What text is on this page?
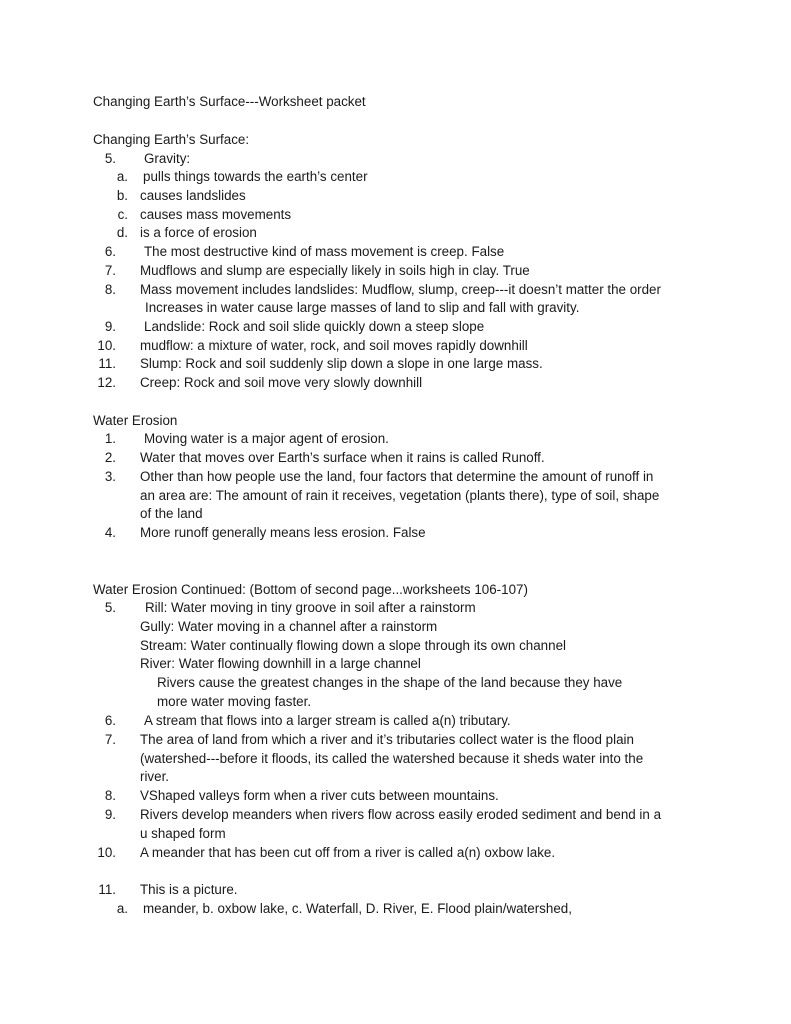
Changing Earth’s Surface---Worksheet packet
Changing Earth’s Surface:
5. Gravity:
a. pulls things towards the earth’s center
b. causes landslides
c. causes mass movements
d. is a force of erosion
6. The most destructive kind of mass movement is creep. False
7. Mudflows and slump are especially likely in soils high in clay. True
8. Mass movement includes landslides: Mudflow, slump, creep---it doesn’t matter the order
Increases in water cause large masses of land to slip and fall with gravity.
9. Landslide: Rock and soil slide quickly down a steep slope
10. mudflow: a mixture of water, rock, and soil moves rapidly downhill
11. Slump: Rock and soil suddenly slip down a slope in one large mass.
12. Creep: Rock and soil move very slowly downhill
Water Erosion
1. Moving water is a major agent of erosion.
2. Water that moves over Earth’s surface when it rains is called Runoff.
3. Other than how people use the land, four factors that determine the amount of runoff in
an area are: The amount of rain it receives, vegetation (plants there), type of soil, shape
of the land
4. More runoff generally means less erosion. False
Water Erosion Continued: (Bottom of second page...worksheets 106-107)
5. Rill: Water moving in tiny groove in soil after a rainstorm
Gully: Water moving in a channel after a rainstorm
Stream: Water continually flowing down a slope through its own channel
River: Water flowing downhill in a large channel
Rivers cause the greatest changes in the shape of the land because they have
more water moving faster.
6. A stream that flows into a larger stream is called a(n) tributary.
7. The area of land from which a river and it’s tributaries collect water is the flood plain
(watershed---before it floods, its called the watershed because it sheds water into the
river.
8. VShaped valleys form when a river cuts between mountains.
9. Rivers develop meanders when rivers flow across easily eroded sediment and bend in a
u shaped form
10. A meander that has been cut off from a river is called a(n) oxbow lake.
11. This is a picture.
a. meander, b. oxbow lake, c. Waterfall, D. River, E. Flood plain/watershed,
